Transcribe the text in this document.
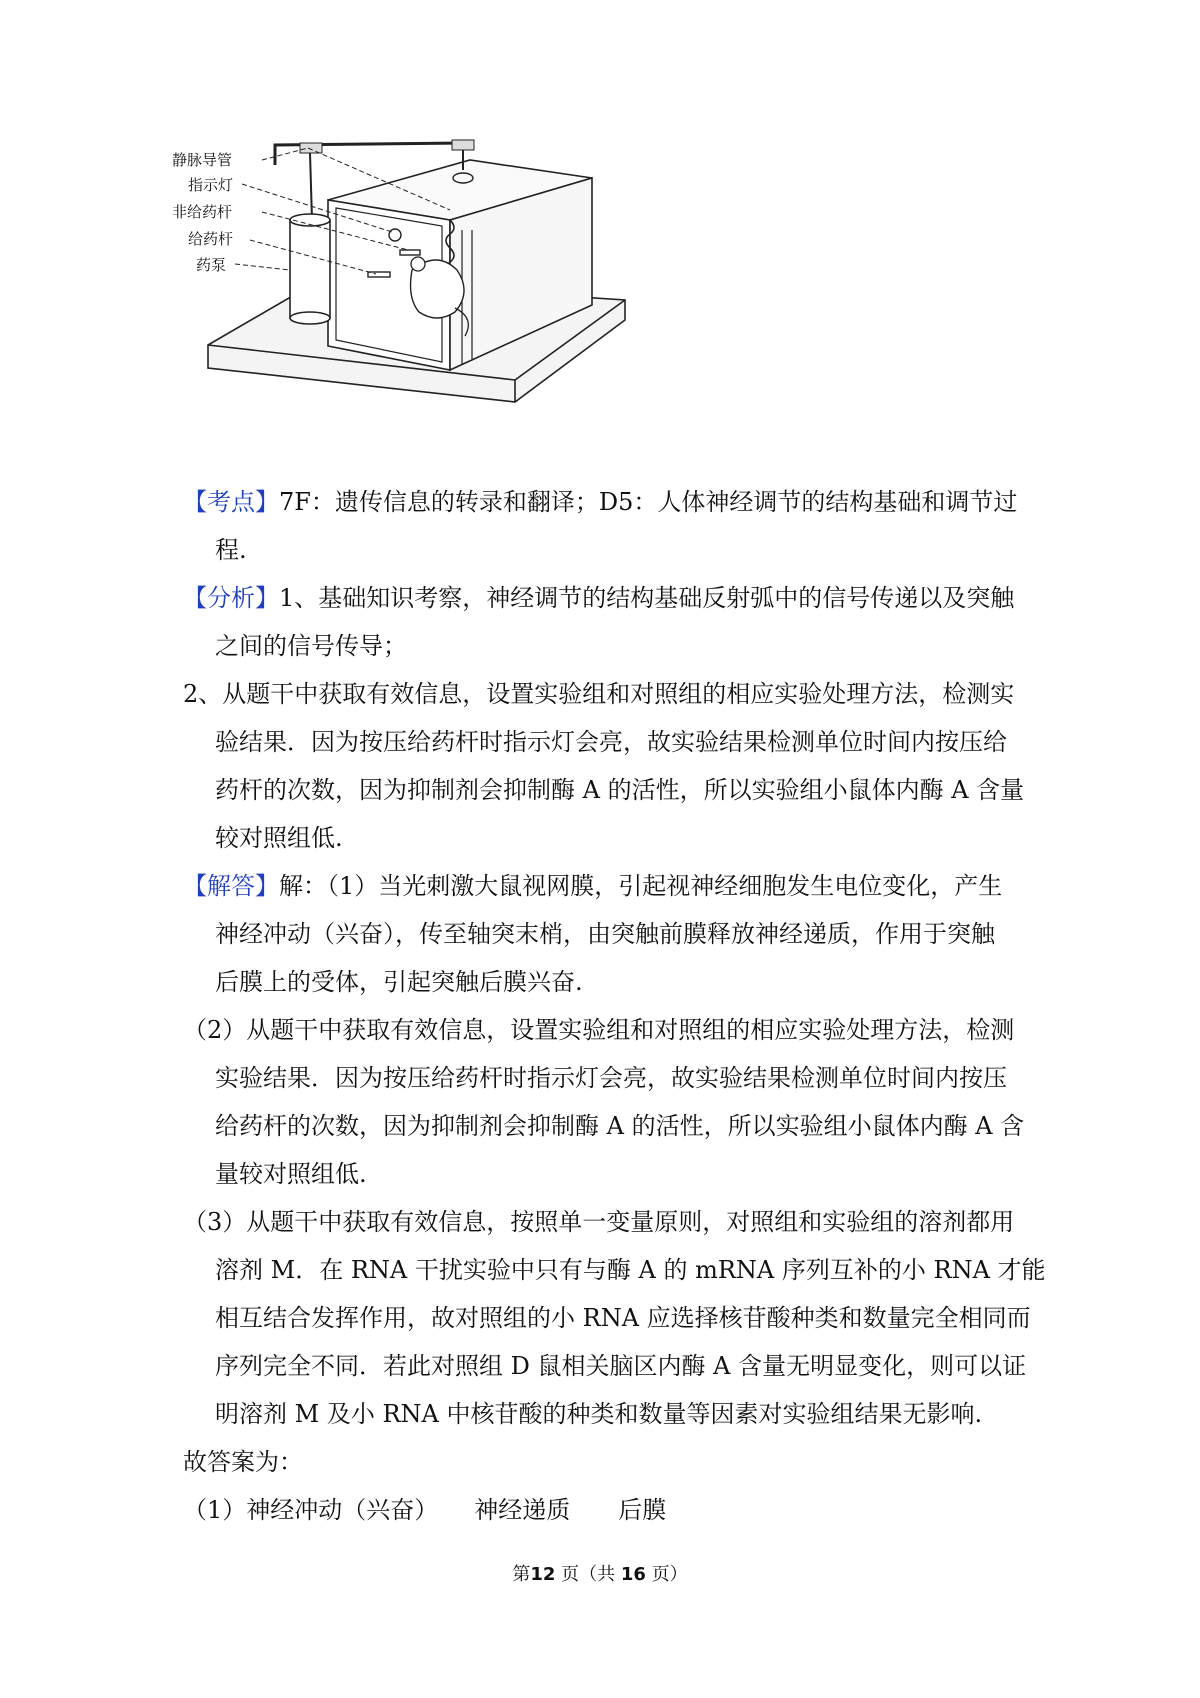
静脉导管
指示灯
非给药杆
给药杆
药泵
【考点】7F：遗传信息的转录和翻译；D5：人体神经调节的结构基础和调节过
程.
【分析】1、基础知识考察，神经调节的结构基础反射弧中的信号传递以及突触
之间的信号传导；
2、从题干中获取有效信息，设置实验组和对照组的相应实验处理方法，检测实
验结果．因为按压给药杆时指示灯会亮，故实验结果检测单位时间内按压给
药杆的次数，因为抑制剂会抑制酶 A 的活性，所以实验组小鼠体内酶 A 含量
较对照组低.
【解答】解：（1）当光刺激大鼠视网膜，引起视神经细胞发生电位变化，产生
神经冲动（兴奋），传至轴突末梢，由突触前膜释放神经递质，作用于突触
后膜上的受体，引起突触后膜兴奋.
（2）从题干中获取有效信息，设置实验组和对照组的相应实验处理方法，检测
实验结果．因为按压给药杆时指示灯会亮，故实验结果检测单位时间内按压
给药杆的次数，因为抑制剂会抑制酶 A 的活性，所以实验组小鼠体内酶 A 含
量较对照组低.
（3）从题干中获取有效信息，按照单一变量原则，对照组和实验组的溶剂都用
溶剂 M．在 RNA 干扰实验中只有与酶 A 的 mRNA 序列互补的小 RNA 才能
相互结合发挥作用，故对照组的小 RNA 应选择核苷酸种类和数量完全相同而
序列完全不同．若此对照组 D 鼠相关脑区内酶 A 含量无明显变化，则可以证
明溶剂 M 及小 RNA 中核苷酸的种类和数量等因素对实验组结果无影响.
故答案为：
（1）神经冲动（兴奋）　　神经递质　　后膜
第12 页（共 16 页）
